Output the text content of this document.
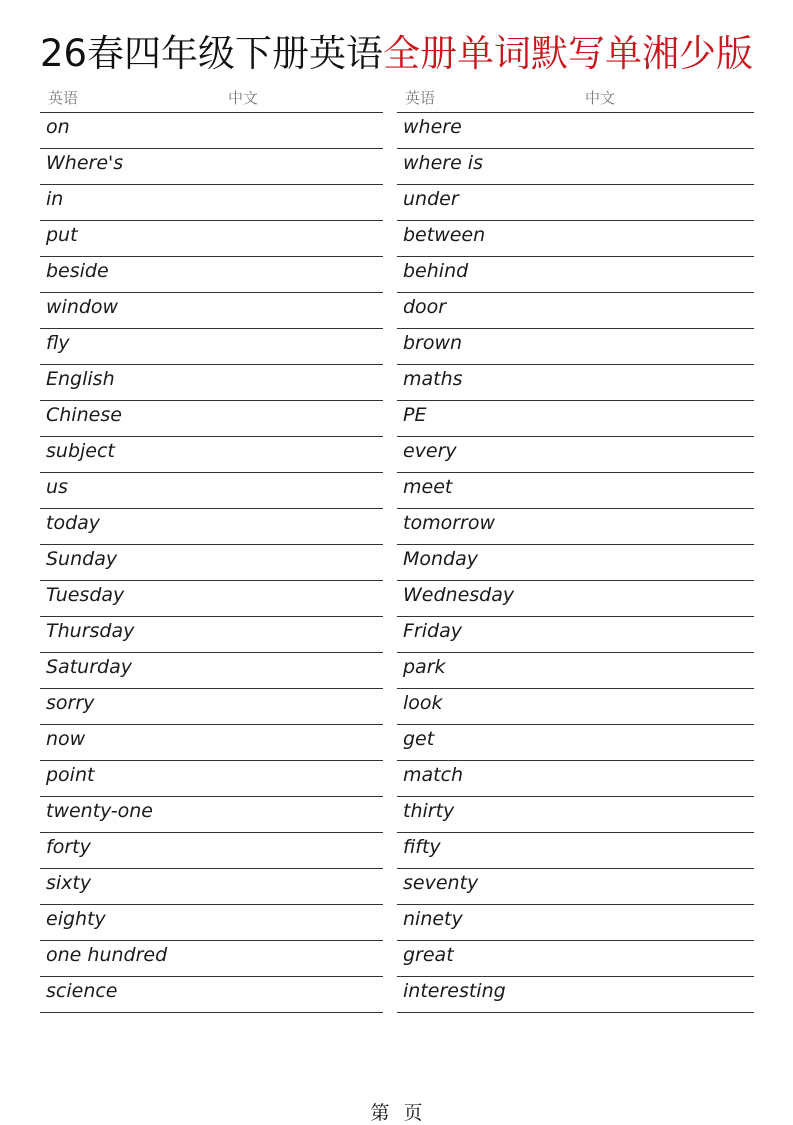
26春四年级下册英语全册单词默写单湘少版
英语	中文
on
Where's
in
put
beside
window
fly
English
Chinese
subject
us
today
Sunday
Tuesday
Thursday
Saturday
sorry
now
point
twenty-one
forty
sixty
eighty
one hundred
science
英语	中文
where
where is
under
between
behind
door
brown
maths
PE
every
meet
tomorrow
Monday
Wednesday
Friday
park
look
get
match
thirty
fifty
seventy
ninety
great
interesting
第 页
